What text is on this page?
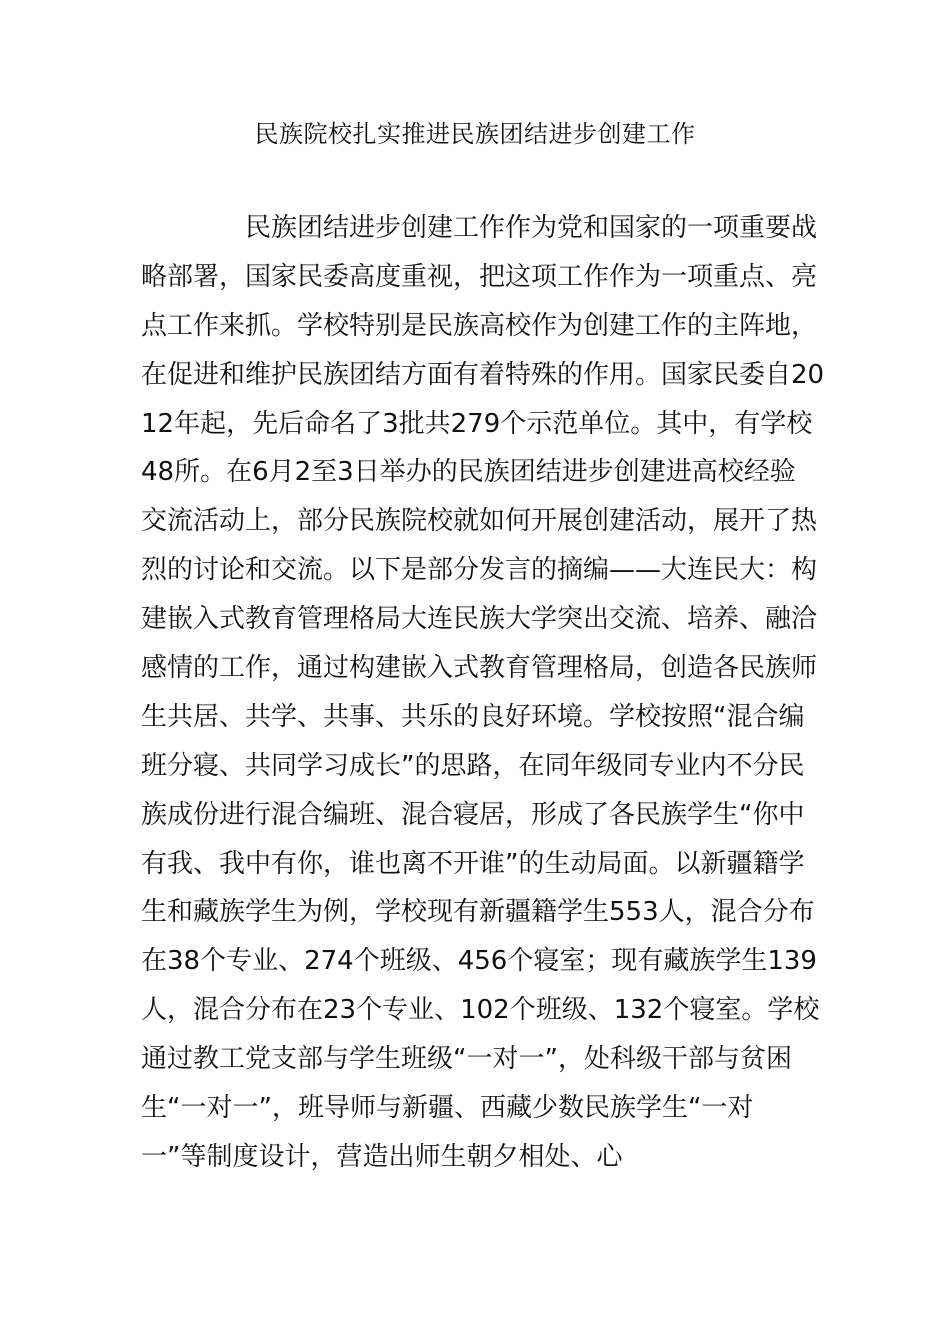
民族院校扎实推进民族团结进步创建工作
民族团结进步创建工作作为党和国家的一项重要战
略部署，国家民委高度重视，把这项工作作为一项重点、亮
点工作来抓。学校特别是民族高校作为创建工作的主阵地，
在促进和维护民族团结方面有着特殊的作用。国家民委自20
12年起，先后命名了3批共279个示范单位。其中，有学校
48所。在6月2至3日举办的民族团结进步创建进高校经验
交流活动上，部分民族院校就如何开展创建活动，展开了热
烈的讨论和交流。以下是部分发言的摘编——大连民大：构
建嵌入式教育管理格局大连民族大学突出交流、培养、融洽
感情的工作，通过构建嵌入式教育管理格局，创造各民族师
生共居、共学、共事、共乐的良好环境。学校按照“混合编
班分寝、共同学习成长”的思路，在同年级同专业内不分民
族成份进行混合编班、混合寝居，形成了各民族学生“你中
有我、我中有你，谁也离不开谁”的生动局面。以新疆籍学
生和藏族学生为例，学校现有新疆籍学生553人，混合分布
在38个专业、274个班级、456个寝室；现有藏族学生139
人，混合分布在23个专业、102个班级、132个寝室。学校
通过教工党支部与学生班级“一对一”，处科级干部与贫困
生“一对一”，班导师与新疆、西藏少数民族学生“一对
一”等制度设计，营造出师生朝夕相处、心
